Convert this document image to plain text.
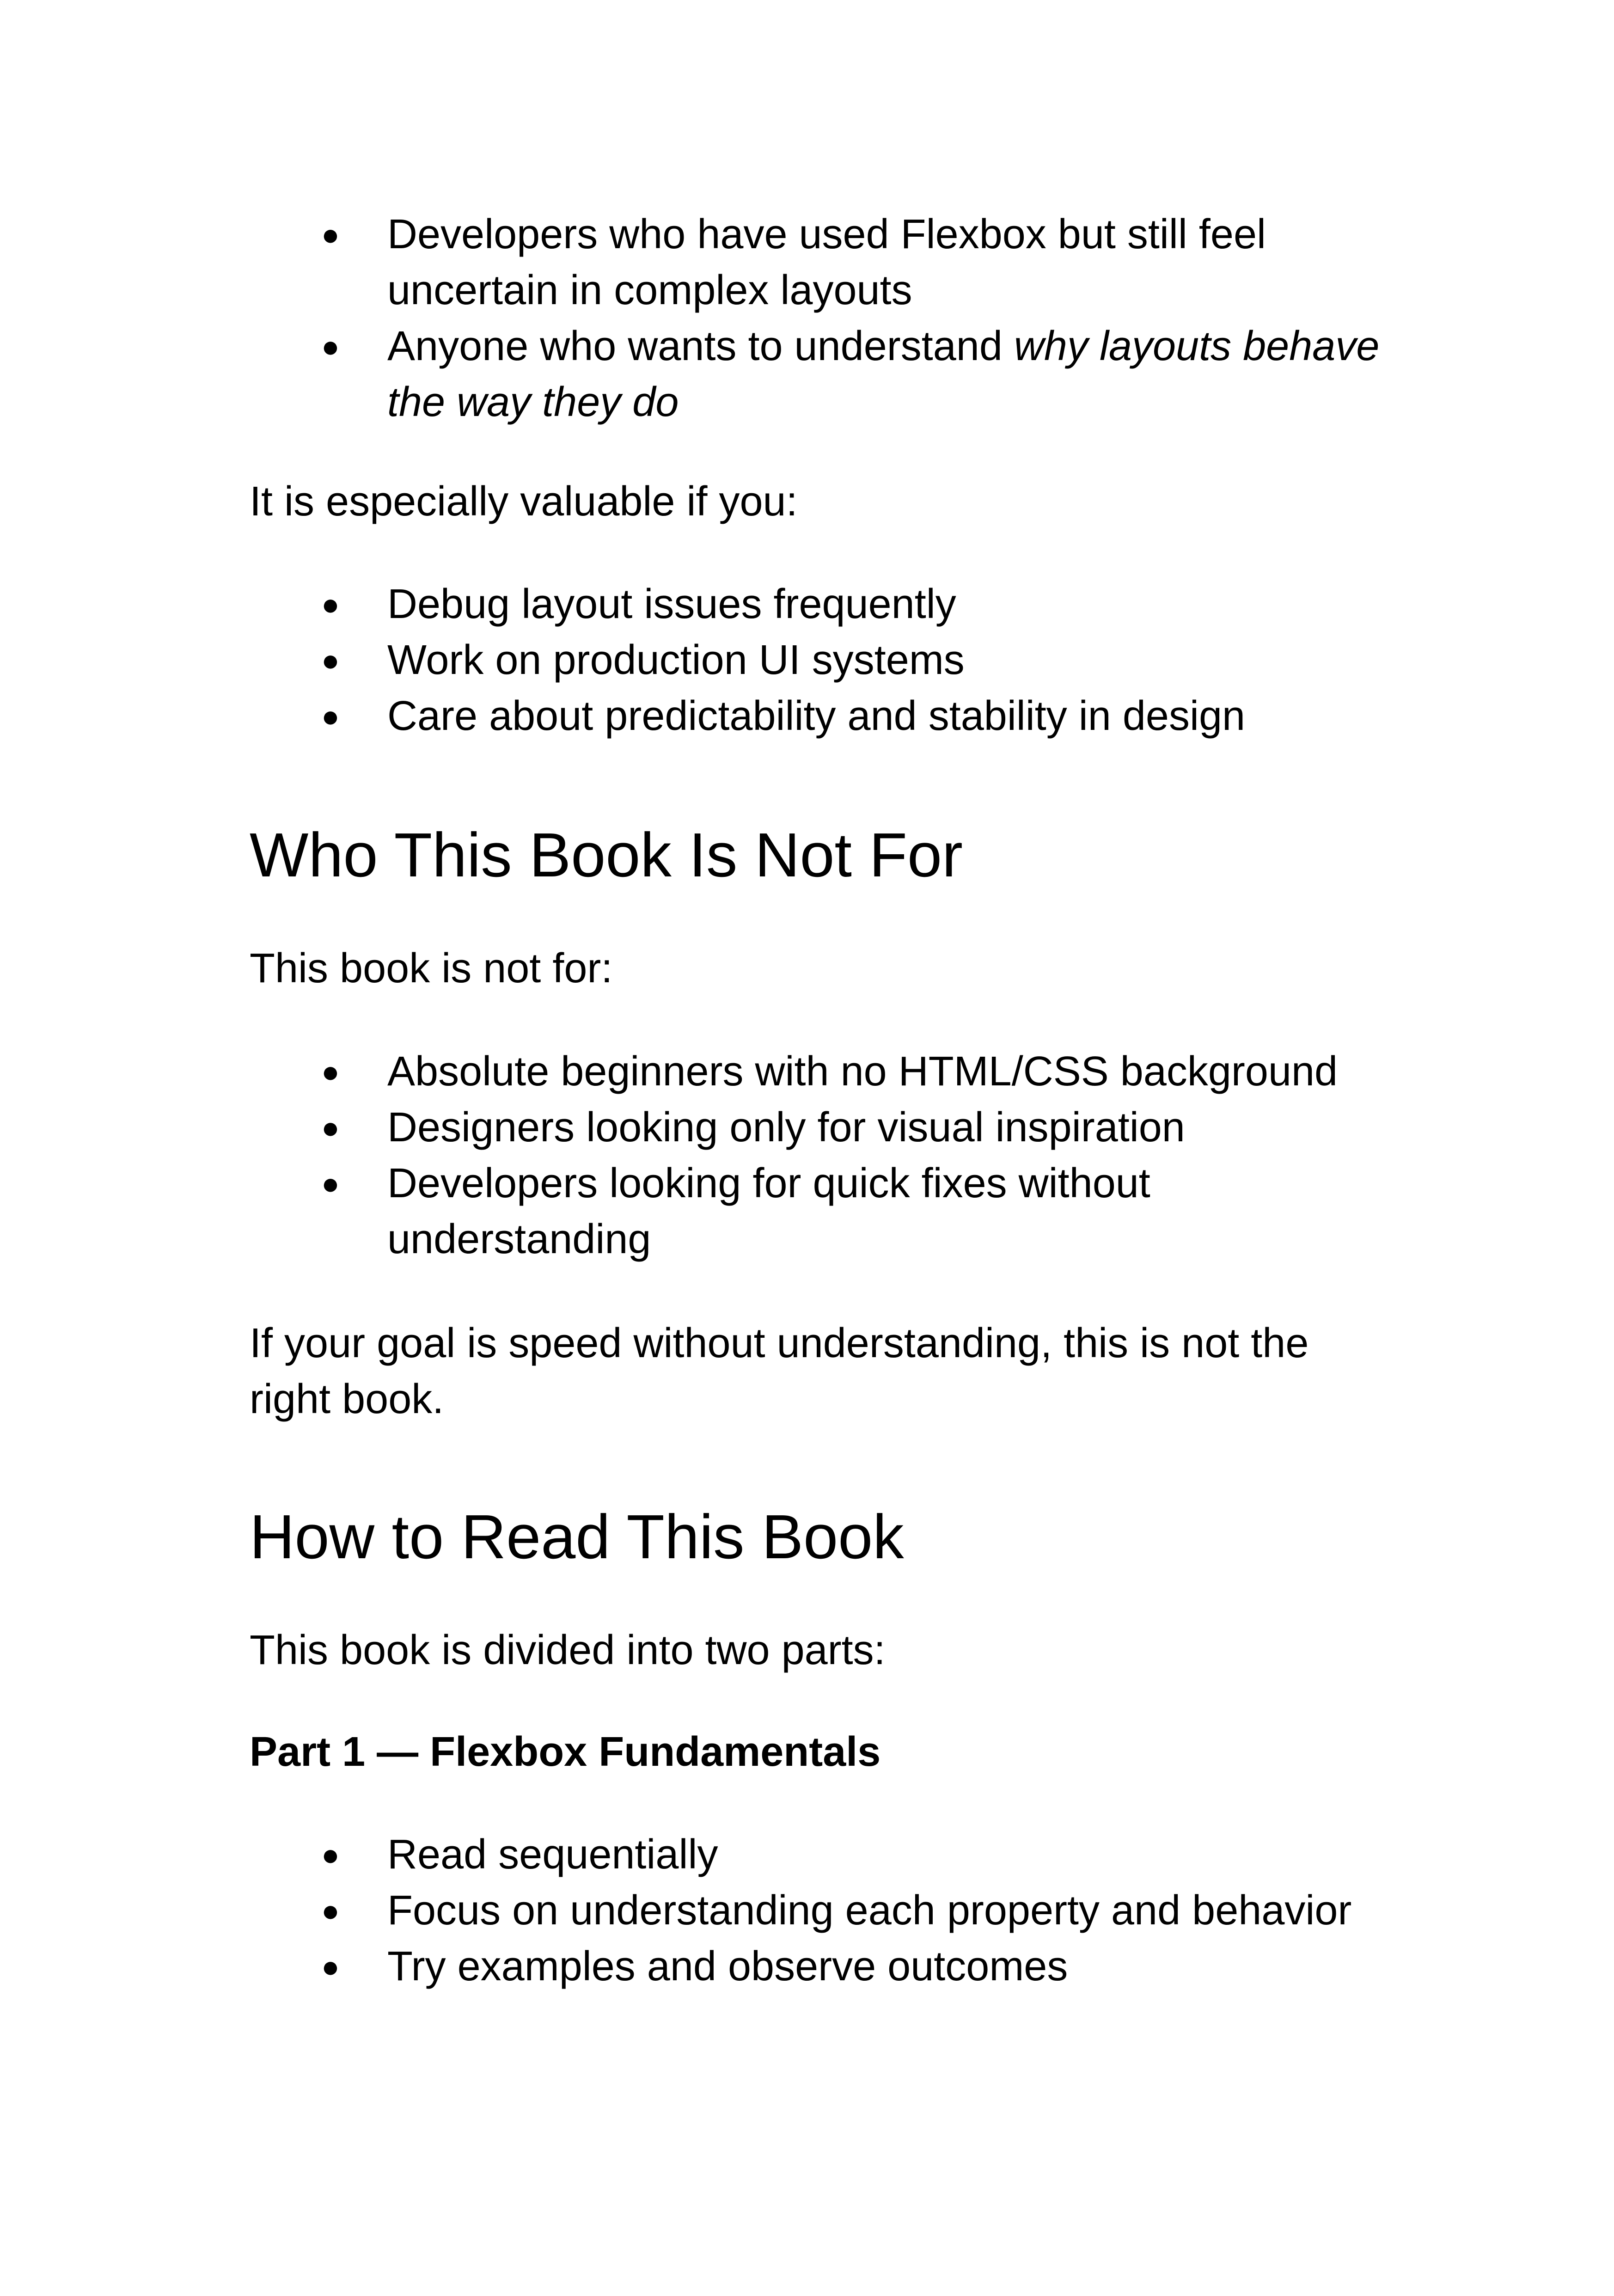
● Developers who have used Flexbox but still feel uncertain in complex layouts
● Anyone who wants to understand why layouts behave the way they do

It is especially valuable if you:

● Debug layout issues frequently
● Work on production UI systems
● Care about predictability and stability in design
Who This Book Is Not For

This book is not for:

● Absolute beginners with no HTML/CSS background
● Designers looking only for visual inspiration
● Developers looking for quick fixes without understanding

If your goal is speed without understanding, this is not the right book.

How to Read This Book

This book is divided into two parts:

Part 1 — Flexbox Fundamentals
● Read sequentially
● Focus on understanding each property and behavior
● Try examples and observe outcomes
